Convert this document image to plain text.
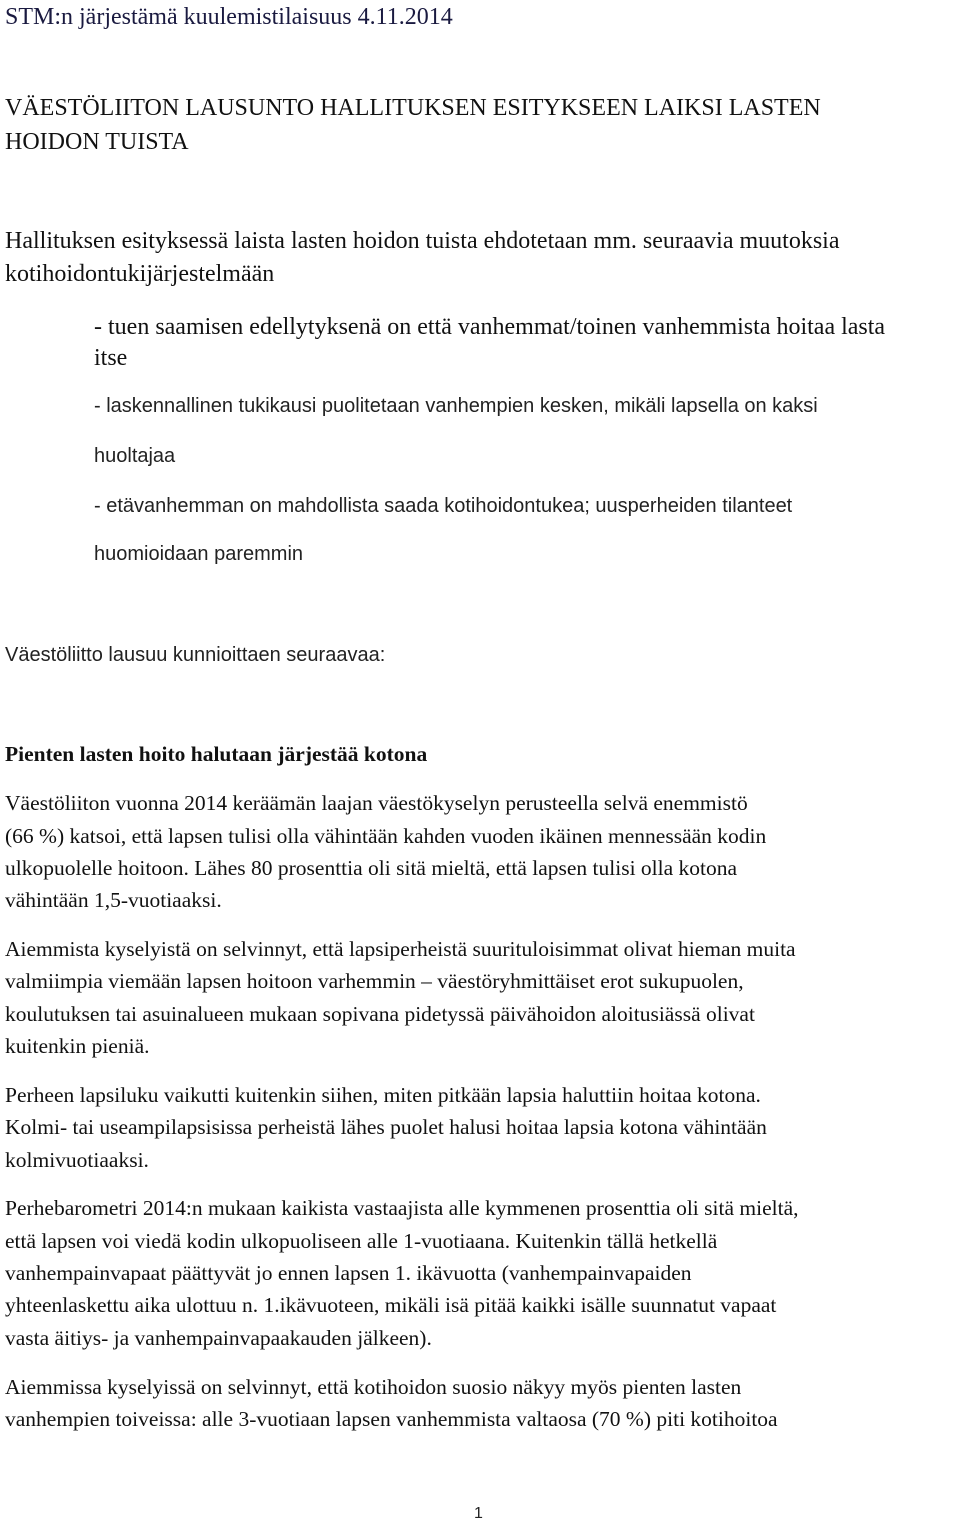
STM:n järjestämä kuulemistilaisuus 4.11.2014
VÄESTÖLIITON LAUSUNTO HALLITUKSEN ESITYKSEEN LAIKSI LASTEN
HOIDON TUISTA
Hallituksen esityksessä laista lasten hoidon tuista ehdotetaan mm. seuraavia muutoksia
kotihoidontukijärjestelmään
- tuen saamisen edellytyksenä on että vanhemmat/toinen vanhemmista hoitaa lasta
itse
- laskennallinen tukikausi puolitetaan vanhempien kesken, mikäli lapsella on kaksi
huoltajaa
- etävanhemman on mahdollista saada kotihoidontukea; uusperheiden tilanteet
huomioidaan paremmin
Väestöliitto lausuu kunnioittaen seuraavaa:
Pienten lasten hoito halutaan järjestää kotona
Väestöliiton vuonna 2014 keräämän laajan väestökyselyn perusteella selvä enemmistö
(66 %) katsoi, että lapsen tulisi olla vähintään kahden vuoden ikäinen mennessään kodin
ulkopuolelle hoitoon. Lähes 80 prosenttia oli sitä mieltä, että lapsen tulisi olla kotona
vähintään 1,5-vuotiaaksi.
Aiemmista kyselyistä on selvinnyt, että lapsiperheistä suurituloisimmat olivat hieman muita
valmiimpia viemään lapsen hoitoon varhemmin – väestöryhmittäiset erot sukupuolen,
koulutuksen tai asuinalueen mukaan sopivana pidetyssä päivähoidon aloitusiässä olivat
kuitenkin pieniä.
Perheen lapsiluku vaikutti kuitenkin siihen, miten pitkään lapsia haluttiin hoitaa kotona.
Kolmi- tai useampilapsisissa perheistä lähes puolet halusi hoitaa lapsia kotona vähintään
kolmivuotiaaksi.
Perhebarometri 2014:n mukaan kaikista vastaajista alle kymmenen prosenttia oli sitä mieltä,
että lapsen voi viedä kodin ulkopuoliseen alle 1-vuotiaana. Kuitenkin tällä hetkellä
vanhempainvapaat päättyvät jo ennen lapsen 1. ikävuotta (vanhempainvapaiden
yhteenlaskettu aika ulottuu n. 1.ikävuoteen, mikäli isä pitää kaikki isälle suunnatut vapaat
vasta äitiys- ja vanhempainvapaakauden jälkeen).
Aiemmissa kyselyissä on selvinnyt, että kotihoidon suosio näkyy myös pienten lasten
vanhempien toiveissa: alle 3-vuotiaan lapsen vanhemmista valtaosa (70 %) piti kotihoitoa
1
